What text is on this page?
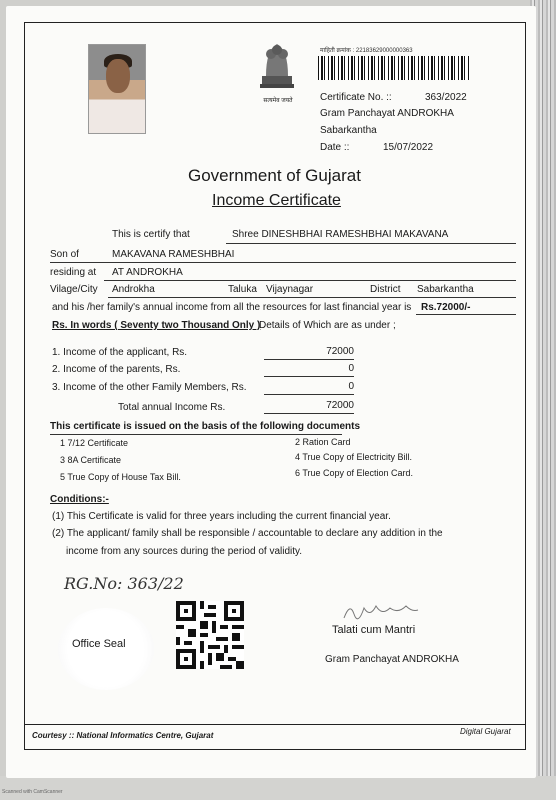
सत्यमेव जयते
माहिती क्रमांक : 22183629000000363
Certificate No. ::	363/2022
Gram Panchayat ANDROKHA
Sabarkantha
Date ::	15/07/2022
Government of Gujarat
Income Certificate
This is certify that	Shree DINESHBHAI RAMESHBHAI MAKAVANA
Son of	MAKAVANA RAMESHBHAI
residing at AT ANDROKHA
Vilage/City Androkha	Taluka Vijaynagar	District Sabarkantha
and his /her family's annual income from all the resources for last financial year is Rs.72000/-
Rs. In words ( Seventy two Thousand Only )
Details of Which are as under ;
1. Income of the applicant, Rs.	72000
2. Income of the parents, Rs.	0
3. Income of the other Family Members, Rs.	0
Total annual Income Rs.	72000
This certificate is issued on the basis of the following documents
1 7/12 Certificate
3 8A Certificate
5 True Copy of House Tax Bill.
2 Ration Card
4 True Copy of Electricity Bill.
6 True Copy of Election Card.
Conditions:-
(1) This Certificate is valid for three years including the current financial year.
(2) The applicant/ family shall be responsible / accountable to declare any addition in the
income from any sources during the period of validity.
RG.No: 363/22
Office Seal
Talati cum Mantri
Gram Panchayat ANDROKHA
Courtesy :: National Informatics Centre, Gujarat	Digital Gujarat
Scanned with CamScanner
